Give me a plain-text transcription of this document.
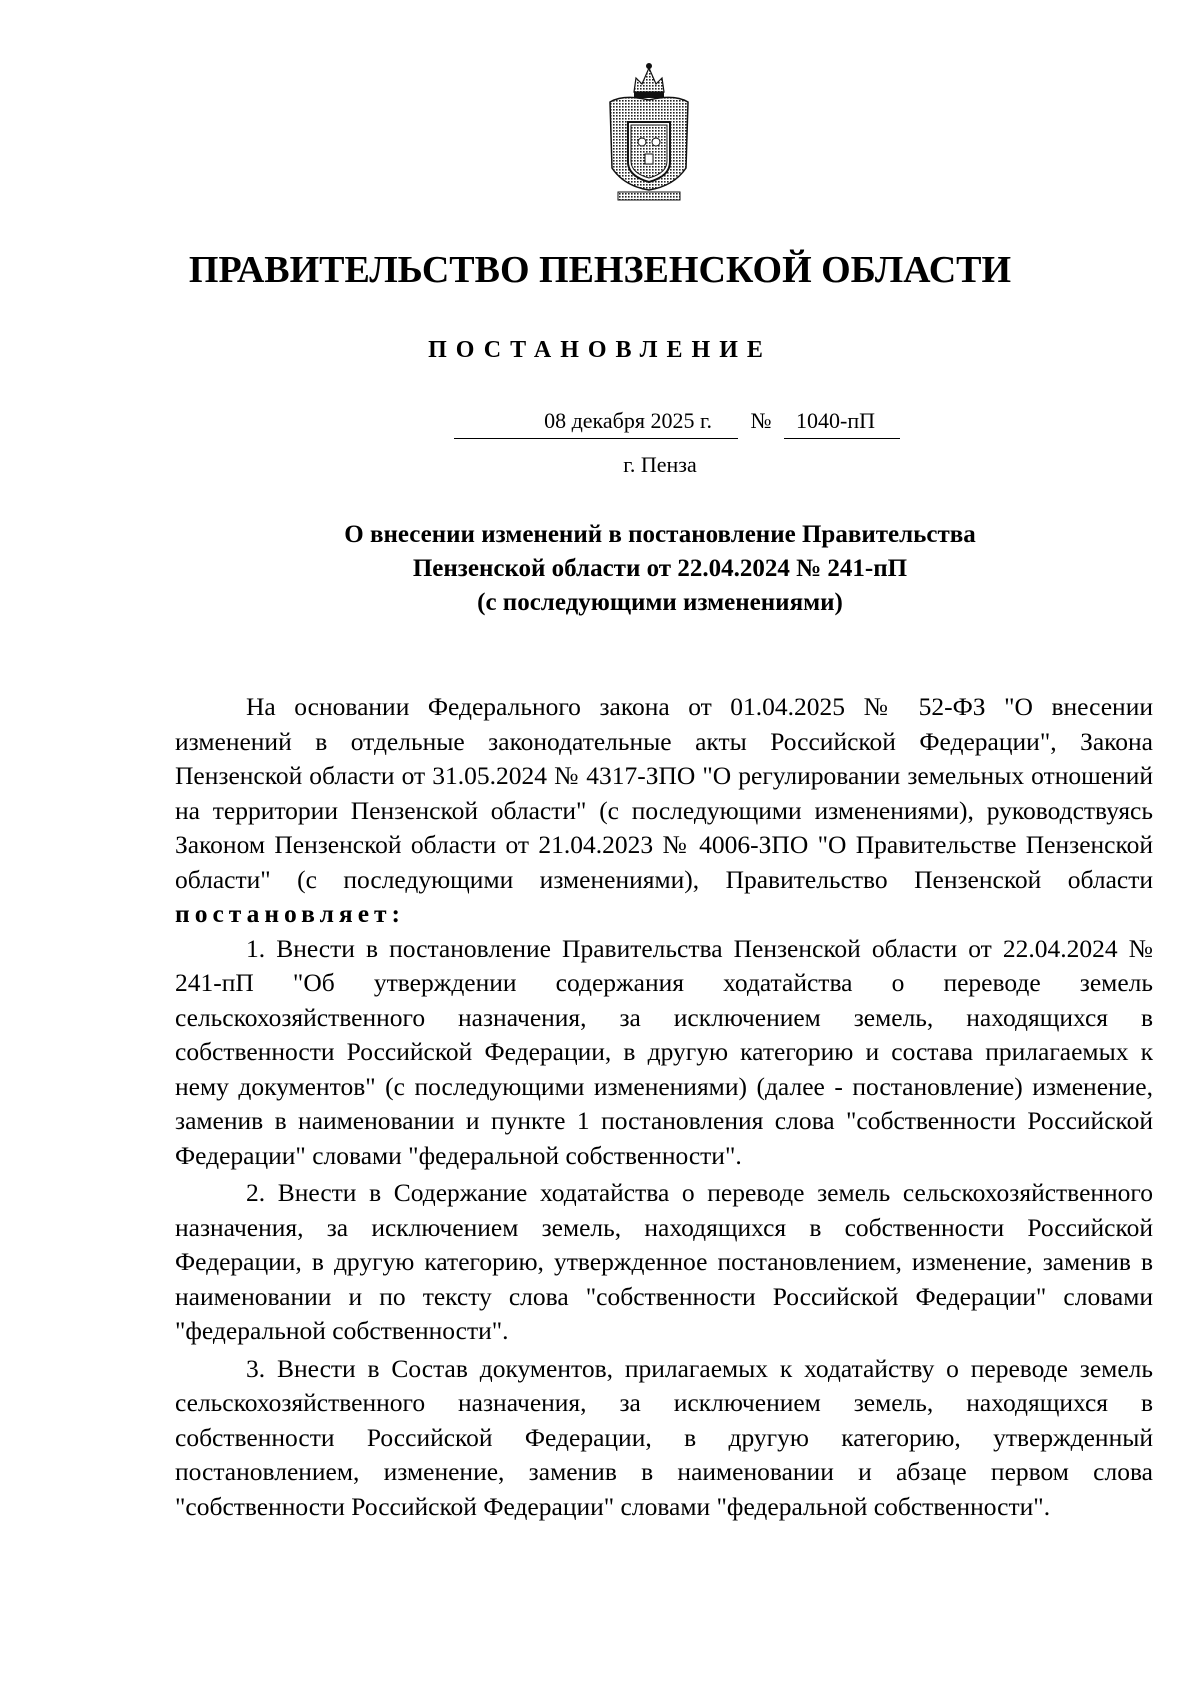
ПРАВИТЕЛЬСТВО ПЕНЗЕНСКОЙ ОБЛАСТИ
ПОСТАНОВЛЕНИЕ
08 декабря 2025 г.	№	1040-пП
г. Пенза
О внесении изменений в постановление Правительства
Пензенской области от 22.04.2024 № 241-пП
(с последующими изменениями)

На основании Федерального закона от 01.04.2025 № 52-ФЗ "О внесении изменений в отдельные законодательные акты Российской Федерации", Закона Пензенской области от 31.05.2024 № 4317-ЗПО "О регулировании земельных отношений на территории Пензенской области" (с последующими изменениями), руководствуясь Законом Пензенской области от 21.04.2023 № 4006-ЗПО "О Правительстве Пензенской области" (с последующими изменениями), Правительство Пензенской области постановляет:

1. Внести в постановление Правительства Пензенской области от 22.04.2024 № 241-пП "Об утверждении содержания ходатайства о переводе земель сельскохозяйственного назначения, за исключением земель, находящихся в собственности Российской Федерации, в другую категорию и состава прилагаемых к нему документов" (с последующими изменениями) (далее - постановление) изменение, заменив в наименовании и пункте 1 постановления слова "собственности Российской Федерации" словами "федеральной собственности".

2. Внести в Содержание ходатайства о переводе земель сельскохозяйственного назначения, за исключением земель, находящихся в собственности Российской Федерации, в другую категорию, утвержденное постановлением, изменение, заменив в наименовании и по тексту слова "собственности Российской Федерации" словами "федеральной собственности".

3. Внести в Состав документов, прилагаемых к ходатайству о переводе земель сельскохозяйственного назначения, за исключением земель, находящихся в собственности Российской Федерации, в другую категорию, утвержденный постановлением, изменение, заменив в наименовании и абзаце первом слова "собственности Российской Федерации" словами "федеральной собственности".
